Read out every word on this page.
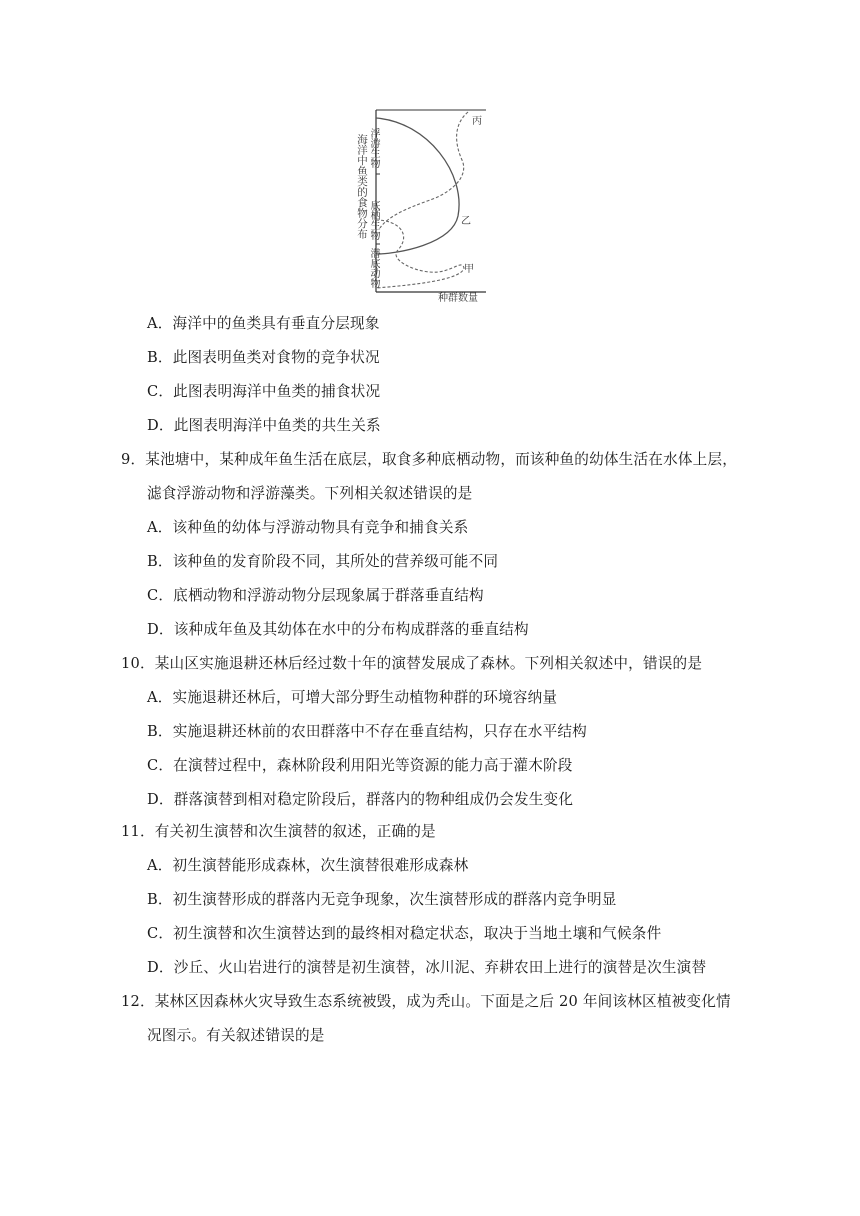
海洋中鱼类的食物分布 浮游生物
底栖生物
潜底动物
种群数量
丙
乙
甲
A．海洋中的鱼类具有垂直分层现象
B．此图表明鱼类对食物的竞争状况
C．此图表明海洋中鱼类的捕食状况
D．此图表明海洋中鱼类的共生关系
9．某池塘中，某种成年鱼生活在底层，取食多种底栖动物，而该种鱼的幼体生活在水体上层，
滤食浮游动物和浮游藻类。下列相关叙述错误的是
A．该种鱼的幼体与浮游动物具有竞争和捕食关系
B．该种鱼的发育阶段不同，其所处的营养级可能不同
C．底栖动物和浮游动物分层现象属于群落垂直结构
D．该种成年鱼及其幼体在水中的分布构成群落的垂直结构
10．某山区实施退耕还林后经过数十年的演替发展成了森林。下列相关叙述中，错误的是
A．实施退耕还林后，可增大部分野生动植物种群的环境容纳量
B．实施退耕还林前的农田群落中不存在垂直结构，只存在水平结构
C．在演替过程中，森林阶段利用阳光等资源的能力高于灌木阶段
D．群落演替到相对稳定阶段后，群落内的物种组成仍会发生变化
11．有关初生演替和次生演替的叙述，正确的是
A．初生演替能形成森林，次生演替很难形成森林
B．初生演替形成的群落内无竞争现象，次生演替形成的群落内竞争明显
C．初生演替和次生演替达到的最终相对稳定状态，取决于当地土壤和气候条件
D．沙丘、火山岩进行的演替是初生演替，冰川泥、弃耕农田上进行的演替是次生演替
12．某林区因森林火灾导致生态系统被毁，成为秃山。下面是之后 20 年间该林区植被变化情
况图示。有关叙述错误的是
